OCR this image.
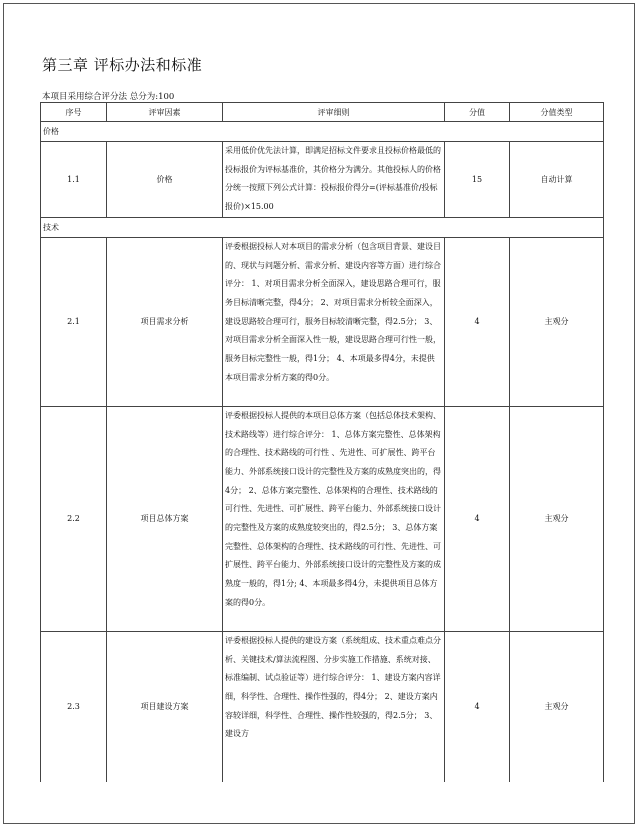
第三章 评标办法和标准
本项目采用综合评分法 总分为:100
序号	评审因素	评审细则	分值	分值类型
价格				
1.1	价格	采用低价优先法计算，即满足招标文件要求且投标价格最低的投标报价为评标基准价，其价格分为满分。其他投标人的价格分统一按照下列公式计算：投标报价得分=(评标基准价/投标报价)×15.00	15	自动计算
技术				
2.1	项目需求分析	评委根据投标人对本项目的需求分析（包含项目背景、建设目的、现状与问题分析、需求分析、建设内容等方面）进行综合评分： 1、对项目需求分析全面深入，建设思路合理可行，服务目标清晰完整，得4分； 2、对项目需求分析较全面深入，建设思路较合理可行，服务目标较清晰完整，得2.5分； 3、对项目需求分析全面深入性一般，建设思路合理可行性一般，服务目标完整性一般，得1分； 4、本项最多得4分，未提供本项目需求分析方案的得0分。	4	主观分
2.2	项目总体方案	评委根据投标人提供的本项目总体方案（包括总体技术架构、技术路线等）进行综合评分： 1、总体方案完整性、总体架构的合理性、技术路线的可行性 、先进性、可扩展性、跨平台能力、外部系统接口设计的完整性及方案的成熟度突出的，得4分； 2、总体方案完整性、总体架构的合理性、技术路线的可行性、先进性、可扩展性、跨平台能力、外部系统接口设计的完整性及方案的成熟度较突出的，得2.5分； 3、总体方案完整性、总体架构的合理性、技术路线的可行性、先进性、可扩展性、跨平台能力、外部系统接口设计的完整性及方案的成熟度一般的，得1分; 4、本项最多得4分，未提供项目总体方案的得0分。	4	主观分
2.3	项目建设方案	评委根据投标人提供的建设方案（系统组成、技术重点难点分析、关键技术/算法流程图、分步实施工作措施、系统对接、标准编制、试点验证等）进行综合评分： 1、建设方案内容详细，科学性、合理性、操作性强的，得4分； 2、建设方案内容较详细，科学性、合理性、操作性较强的，得2.5分； 3、建设方	4	主观分
